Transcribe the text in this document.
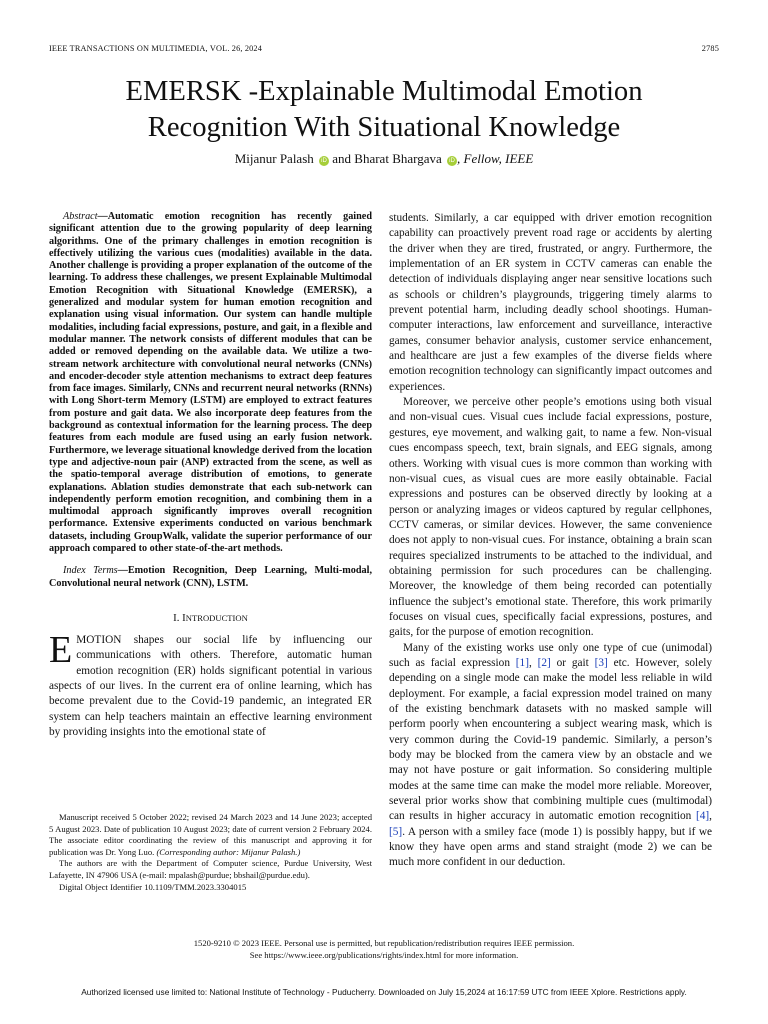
IEEE TRANSACTIONS ON MULTIMEDIA, VOL. 26, 2024	2785
EMERSK -Explainable Multimodal Emotion
Recognition With Situational Knowledge
Mijanur Palash iD and Bharat Bhargava iD , Fellow, IEEE

Abstract—Automatic emotion recognition has recently gained significant attention due to the growing popularity of deep learning algorithms. One of the primary challenges in emotion recognition is effectively utilizing the various cues (modalities) available in the data. Another challenge is providing a proper explanation of the outcome of the learning. To address these challenges, we present Explainable Multimodal Emotion Recognition with Situational Knowledge (EMERSK), a generalized and modular system for human emotion recognition and explanation using visual information. Our system can handle multiple modalities, including facial expressions, posture, and gait, in a flexible and modular manner. The network consists of different modules that can be added or removed depending on the available data. We utilize a two-stream network architecture with convolutional neural networks (CNNs) and encoder-decoder style attention mechanisms to extract deep features from face images. Similarly, CNNs and recurrent neural networks (RNNs) with Long Short-term Memory (LSTM) are employed to extract features from posture and gait data. We also incorporate deep features from the background as contextual information for the learning process. The deep features from each module are fused using an early fusion network. Furthermore, we leverage situational knowledge derived from the location type and adjective-noun pair (ANP) extracted from the scene, as well as the spatio-temporal average distribution of emotions, to generate explanations. Ablation studies demonstrate that each sub-network can independently perform emotion recognition, and combining them in a multimodal approach significantly improves overall recognition performance. Extensive experiments conducted on various benchmark datasets, including GroupWalk, validate the superior performance of our approach compared to other state-of-the-art methods.

Index Terms—Emotion Recognition, Deep Learning, Multi-modal, Convolutional neural network (CNN), LSTM.

I. INTRODUCTION

EMOTION shapes our social life by influencing our communications with others. Therefore, automatic human emotion recognition (ER) holds significant potential in various aspects of our lives. In the current era of online learning, which has become prevalent due to the Covid-19 pandemic, an integrated ER system can help teachers maintain an effective learning environment by providing insights into the emotional state of

Manuscript received 5 October 2022; revised 24 March 2023 and 14 June 2023; accepted 5 August 2023. Date of publication 10 August 2023; date of current version 2 February 2024. The associate editor coordinating the review of this manuscript and approving it for publication was Dr. Yong Luo. (Corresponding author: Mijanur Palash.)

The authors are with the Department of Computer science, Purdue University, West Lafayette, IN 47906 USA (e-mail: mpalash@purdue; bbshail@purdue.edu).

Digital Object Identifier 10.1109/TMM.2023.3304015

students. Similarly, a car equipped with driver emotion recognition capability can proactively prevent road rage or accidents by alerting the driver when they are tired, frustrated, or angry. Furthermore, the implementation of an ER system in CCTV cameras can enable the detection of individuals displaying anger near sensitive locations such as schools or children’s playgrounds, triggering timely alarms to prevent potential harm, including deadly school shootings. Human-computer interactions, law enforcement and surveillance, interactive games, consumer behavior analysis, customer service enhancement, and healthcare are just a few examples of the diverse fields where emotion recognition technology can significantly impact outcomes and experiences.

Moreover, we perceive other people’s emotions using both visual and non-visual cues. Visual cues include facial expressions, posture, gestures, eye movement, and walking gait, to name a few. Non-visual cues encompass speech, text, brain signals, and EEG signals, among others. Working with visual cues is more common than working with non-visual cues, as visual cues are more easily obtainable. Facial expressions and postures can be observed directly by looking at a person or analyzing images or videos captured by regular cellphones, CCTV cameras, or similar devices. However, the same convenience does not apply to non-visual cues. For instance, obtaining a brain scan requires specialized instruments to be attached to the individual, and obtaining permission for such procedures can be challenging. Moreover, the knowledge of them being recorded can potentially influence the subject’s emotional state. Therefore, this work primarily focuses on visual cues, specifically facial expressions, postures, and gaits, for the purpose of emotion recognition.

Many of the existing works use only one type of cue (unimodal) such as facial expression [1], [2] or gait [3] etc. However, solely depending on a single mode can make the model less reliable in wild deployment. For example, a facial expression model trained on many of the existing benchmark datasets with no masked sample will perform poorly when encountering a subject wearing mask, which is very common during the Covid-19 pandemic. Similarly, a person’s body may be blocked from the camera view by an obstacle and we may not have posture or gait information. So considering multiple modes at the same time can make the model more reliable. Moreover, several prior works show that combining multiple cues (multimodal) can results in higher accuracy in automatic emotion recognition [4], [5]. A person with a smiley face (mode 1) is possibly happy, but if we know they have open arms and stand straight (mode 2) we can be much more confident in our deduction.

1520-9210 © 2023 IEEE. Personal use is permitted, but republication/redistribution requires IEEE permission.
See https://www.ieee.org/publications/rights/index.html for more information.
Authorized licensed use limited to: National Institute of Technology - Puducherry. Downloaded on July 15,2024 at 16:17:59 UTC from IEEE Xplore. Restrictions apply.
